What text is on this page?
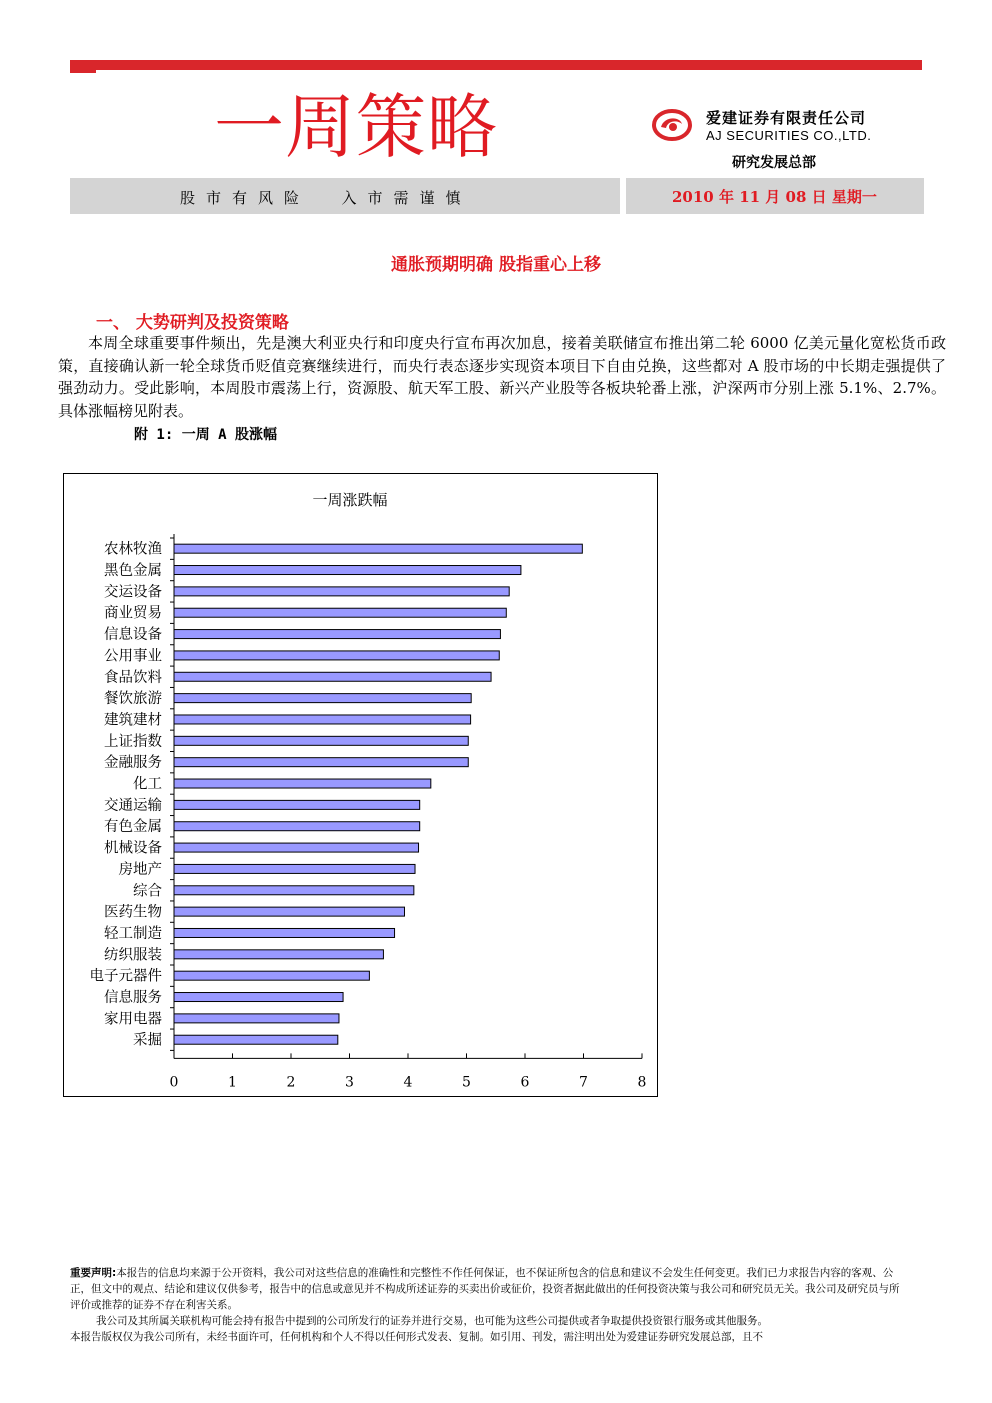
一周策略	爱建证券有限责任公司
AJ SECURITIES CO.,LTD.
研究发展总部
股市有风险  入市需谨慎	2010 年 11 月 08 日 星期一
通胀预期明确 股指重心上移
一、 大势研判及投资策略

本周全球重要事件频出，先是澳大利亚央行和印度央行宣布再次加息，接着美联储宣布推出第二轮 6000 亿美元量化宽松货币政策，直接确认新一轮全球货币贬值竞赛继续进行，而央行表态逐步实现资本项目下自由兑换，这些都对 A 股市场的中长期走强提供了强劲动力。受此影响，本周股市震荡上行，资源股、航天军工股、新兴产业股等各板块轮番上涨，沪深两市分别上涨 5.1%、2.7%。具体涨幅榜见附表。

附 1: 一周 A 股涨幅
一周涨跌幅
农林牧渔
黑色金属
交运设备
商业贸易
信息设备
公用事业
食品饮料
餐饮旅游
建筑建材
上证指数
金融服务
化工
交通运输
有色金属
机械设备
房地产
综合
医药生物
轻工制造
纺织服装
电子元器件
信息服务
家用电器
采掘
0	1	2	3	4	5	6	7	8

重要声明:本报告的信息均来源于公开资料，我公司对这些信息的准确性和完整性不作任何保证，也不保证所包含的信息和建议不会发生任何变更。我们已力求报告内容的客观、公正，但文中的观点、结论和建议仅供参考，报告中的信息或意见并不构成所述证券的买卖出价或征价，投资者据此做出的任何投资决策与我公司和研究员无关。我公司及研究员与所评价或推荐的证券不存在利害关系。

我公司及其所属关联机构可能会持有报告中提到的公司所发行的证券并进行交易，也可能为这些公司提供或者争取提供投资银行服务或其他服务。

本报告版权仅为我公司所有，未经书面许可，任何机构和个人不得以任何形式发表、复制。如引用、刊发，需注明出处为爱建证券研究发展总部，且不
